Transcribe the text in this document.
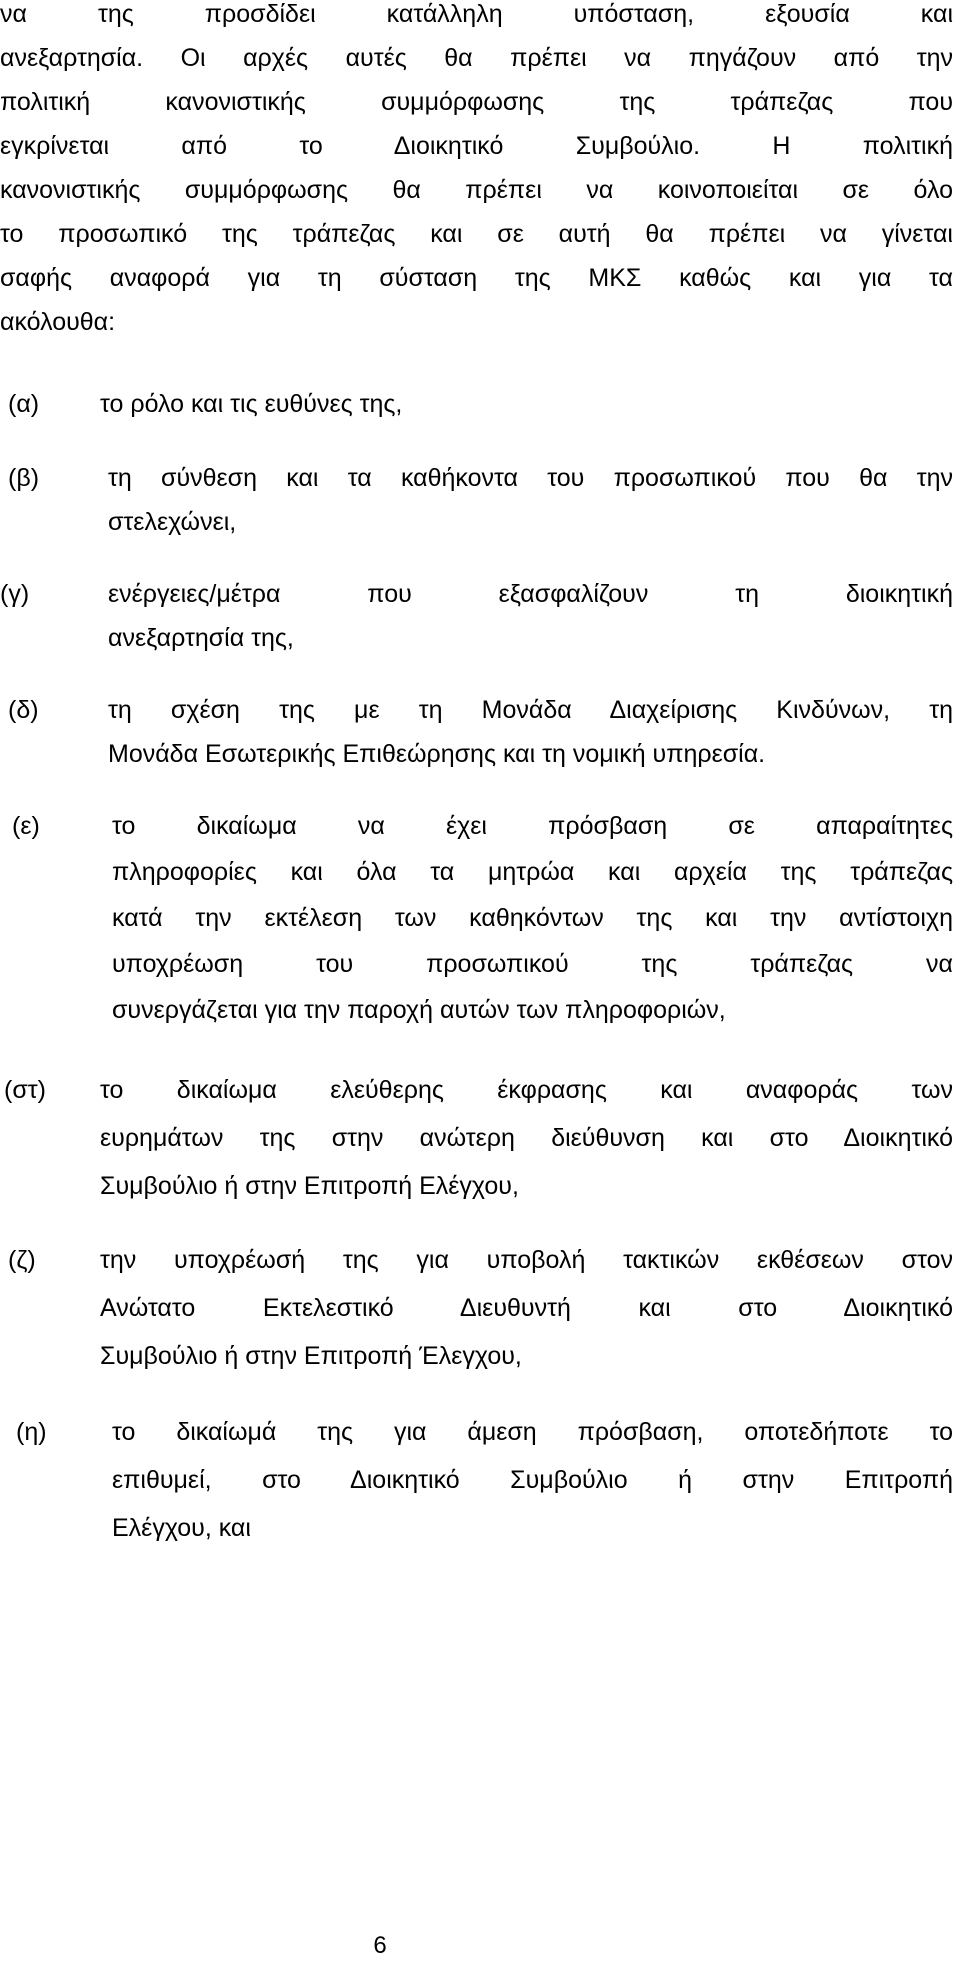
να της προσδίδει κατάλληλη υπόσταση, εξουσία και
ανεξαρτησία. Οι αρχές αυτές θα πρέπει να πηγάζουν από την
πολιτική κανονιστικής συμμόρφωσης της τράπεζας που
εγκρίνεται από το Διοικητικό Συμβούλιο. Η πολιτική
κανονιστικής συμμόρφωσης θα πρέπει να κοινοποιείται σε όλο
το προσωπικό της τράπεζας και σε αυτή θα πρέπει να γίνεται
σαφής αναφορά για τη σύσταση της ΜΚΣ καθώς και για τα
ακόλουθα:
(α) το ρόλο και τις ευθύνες της,
(β)	τη σύνθεση και τα καθήκοντα του προσωπικού που θα την
στελεχώνει,
(γ)	ενέργειες/μέτρα που εξασφαλίζουν τη διοικητική
ανεξαρτησία της,
(δ)	τη σχέση της με τη Μονάδα Διαχείρισης Κινδύνων, τη
Μονάδα Εσωτερικής Επιθεώρησης και τη νομική υπηρεσία.
(ε)	το δικαίωμα να έχει πρόσβαση σε απαραίτητες
πληροφορίες και όλα τα μητρώα και αρχεία της τράπεζας
κατά την εκτέλεση των καθηκόντων της και την αντίστοιχη
υποχρέωση του προσωπικού της τράπεζας να
συνεργάζεται για την παροχή αυτών των πληροφοριών,
(στ) το δικαίωμα ελεύθερης έκφρασης και αναφοράς των
ευρημάτων της στην ανώτερη διεύθυνση και στο Διοικητικό
Συμβούλιο ή στην Επιτροπή Ελέγχου,
(ζ)	την υποχρέωσή της για υποβολή τακτικών εκθέσεων στον
Ανώτατο Εκτελεστικό Διευθυντή και στο Διοικητικό
Συμβούλιο ή στην Επιτροπή Έλεγχου,
(η)	το δικαίωμά της για άμεση πρόσβαση, οποτεδήποτε το
επιθυμεί, στο Διοικητικό Συμβούλιο ή στην Επιτροπή
Ελέγχου, και
6
